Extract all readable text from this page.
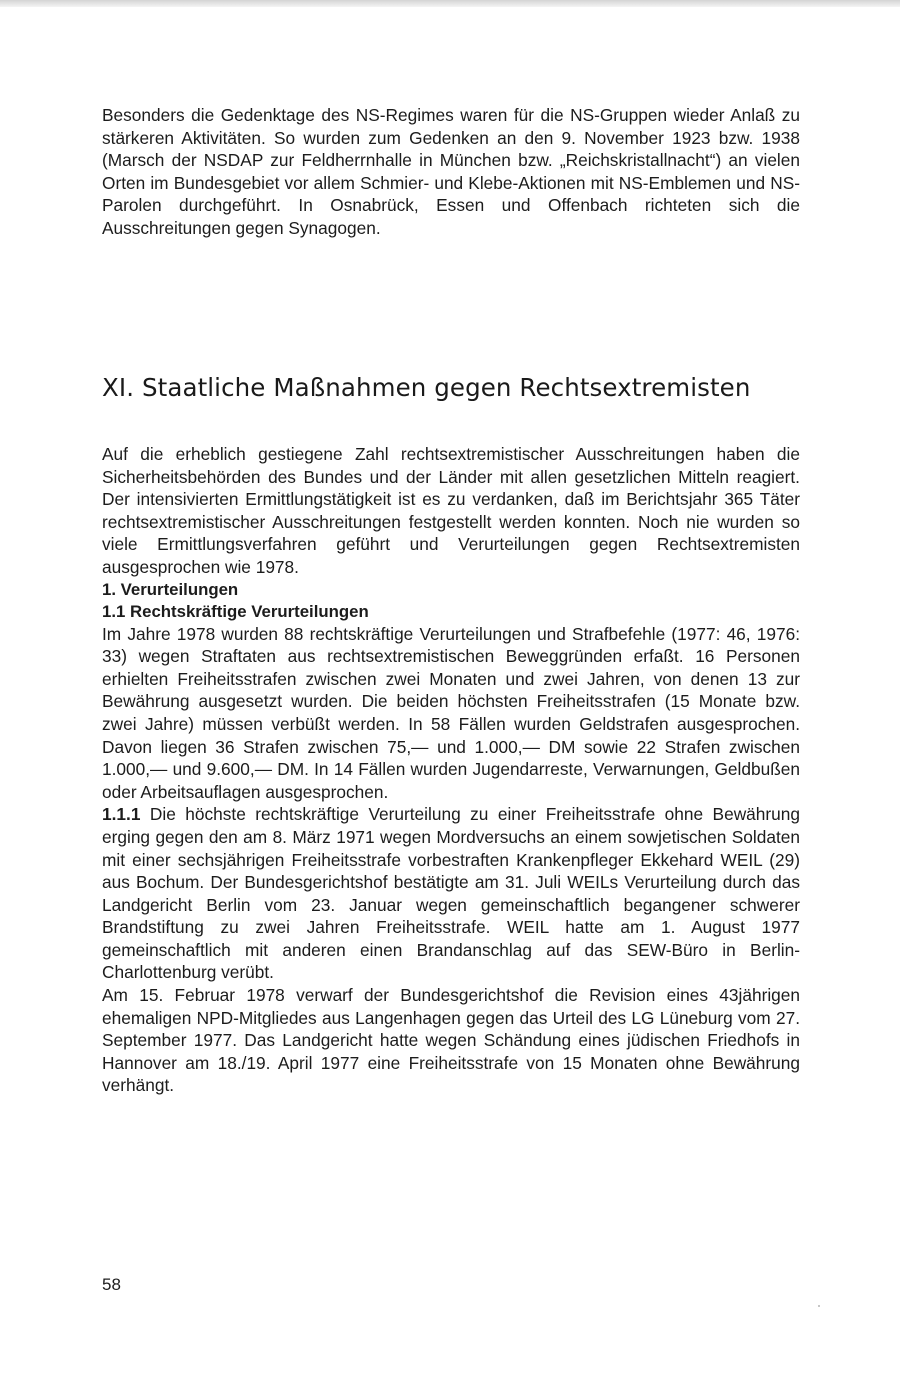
Besonders die Gedenktage des NS-Regimes waren für die NS-Gruppen wieder Anlaß zu stärkeren Aktivitäten. So wurden zum Gedenken an den 9. November 1923 bzw. 1938 (Marsch der NSDAP zur Feldherrnhalle in München bzw. „Reichskristallnacht“) an vielen Orten im Bundesgebiet vor allem Schmier- und Klebe-Aktionen mit NS-Emblemen und NS-Parolen durchgeführt. In Osnabrück, Essen und Offenbach richteten sich die Ausschreitungen gegen Synagogen.

XI. Staatliche Maßnahmen gegen Rechtsextremisten

Auf die erheblich gestiegene Zahl rechtsextremistischer Ausschreitungen haben die Sicherheitsbehörden des Bundes und der Länder mit allen gesetzlichen Mitteln reagiert. Der intensivierten Ermittlungstätigkeit ist es zu verdanken, daß im Berichtsjahr 365 Täter rechtsextremistischer Ausschreitungen festgestellt werden konnten. Noch nie wurden so viele Ermittlungsverfahren geführt und Verurteilungen gegen Rechtsextremisten ausgesprochen wie 1978.

1. Verurteilungen
1.1 Rechtskräftige Verurteilungen

Im Jahre 1978 wurden 88 rechtskräftige Verurteilungen und Strafbefehle (1977: 46, 1976: 33) wegen Straftaten aus rechtsextremistischen Beweggründen erfaßt. 16 Personen erhielten Freiheitsstrafen zwischen zwei Monaten und zwei Jahren, von denen 13 zur Bewährung ausgesetzt wurden. Die beiden höchsten Freiheitsstrafen (15 Monate bzw. zwei Jahre) müssen verbüßt werden. In 58 Fällen wurden Geldstrafen ausgesprochen. Davon liegen 36 Strafen zwischen 75,— und 1.000,— DM sowie 22 Strafen zwischen 1.000,— und 9.600,— DM. In 14 Fällen wurden Jugendarreste, Verwarnungen, Geldbußen oder Arbeitsauflagen ausgesprochen.

1.1.1 Die höchste rechtskräftige Verurteilung zu einer Freiheitsstrafe ohne Bewährung erging gegen den am 8. März 1971 wegen Mordversuchs an einem sowjetischen Soldaten mit einer sechsjährigen Freiheitsstrafe vorbestraften Krankenpfleger Ekkehard WEIL (29) aus Bochum. Der Bundesgerichtshof bestätigte am 31. Juli WEILs Verurteilung durch das Landgericht Berlin vom 23. Januar wegen gemeinschaftlich begangener schwerer Brandstiftung zu zwei Jahren Freiheitsstrafe. WEIL hatte am 1. August 1977 gemeinschaftlich mit anderen einen Brandanschlag auf das SEW-Büro in Berlin-Charlottenburg verübt.

Am 15. Februar 1978 verwarf der Bundesgerichtshof die Revision eines 43jährigen ehemaligen NPD-Mitgliedes aus Langenhagen gegen das Urteil des LG Lüneburg vom 27. September 1977. Das Landgericht hatte wegen Schändung eines jüdischen Friedhofs in Hannover am 18./19. April 1977 eine Freiheitsstrafe von 15 Monaten ohne Bewährung verhängt.

58
